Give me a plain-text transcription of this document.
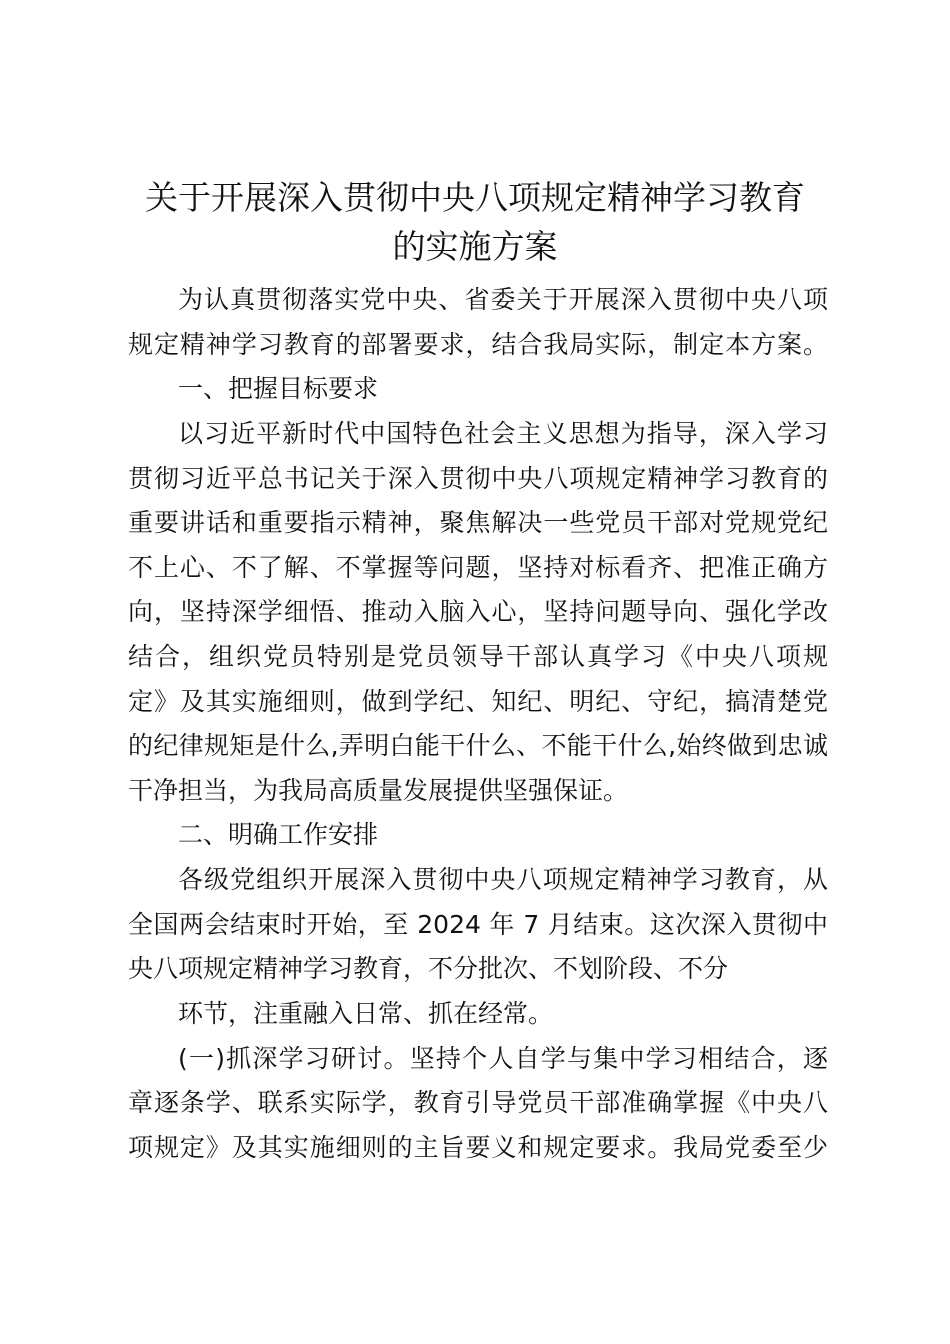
关于开展深入贯彻中央八项规定精神学习教育
的实施方案

为认真贯彻落实党中央、省委关于开展深入贯彻中央八项

规定精神学习教育的部署要求，结合我局实际，制定本方案。

一、把握目标要求

以习近平新时代中国特色社会主义思想为指导，深入学习

贯彻习近平总书记关于深入贯彻中央八项规定精神学习教育的

重要讲话和重要指示精神，聚焦解决一些党员干部对党规党纪

不上心、不了解、不掌握等问题，坚持对标看齐、把准正确方

向，坚持深学细悟、推动入脑入心，坚持问题导向、强化学改

结合，组织党员特别是党员领导干部认真学习《中央八项规

定》及其实施细则，做到学纪、知纪、明纪、守纪，搞清楚党

的纪律规矩是什么,弄明白能干什么、不能干什么,始终做到忠诚

干净担当，为我局高质量发展提供坚强保证。

二、明确工作安排

各级党组织开展深入贯彻中央八项规定精神学习教育，从

全国两会结束时开始，至 2024 年 7 月结束。这次深入贯彻中

央八项规定精神学习教育，不分批次、不划阶段、不分

环节，注重融入日常、抓在经常。

(一)抓深学习研讨。坚持个人自学与集中学习相结合，逐

章逐条学、联系实际学，教育引导党员干部准确掌握《中央八

项规定》及其实施细则的主旨要义和规定要求。我局党委至少
